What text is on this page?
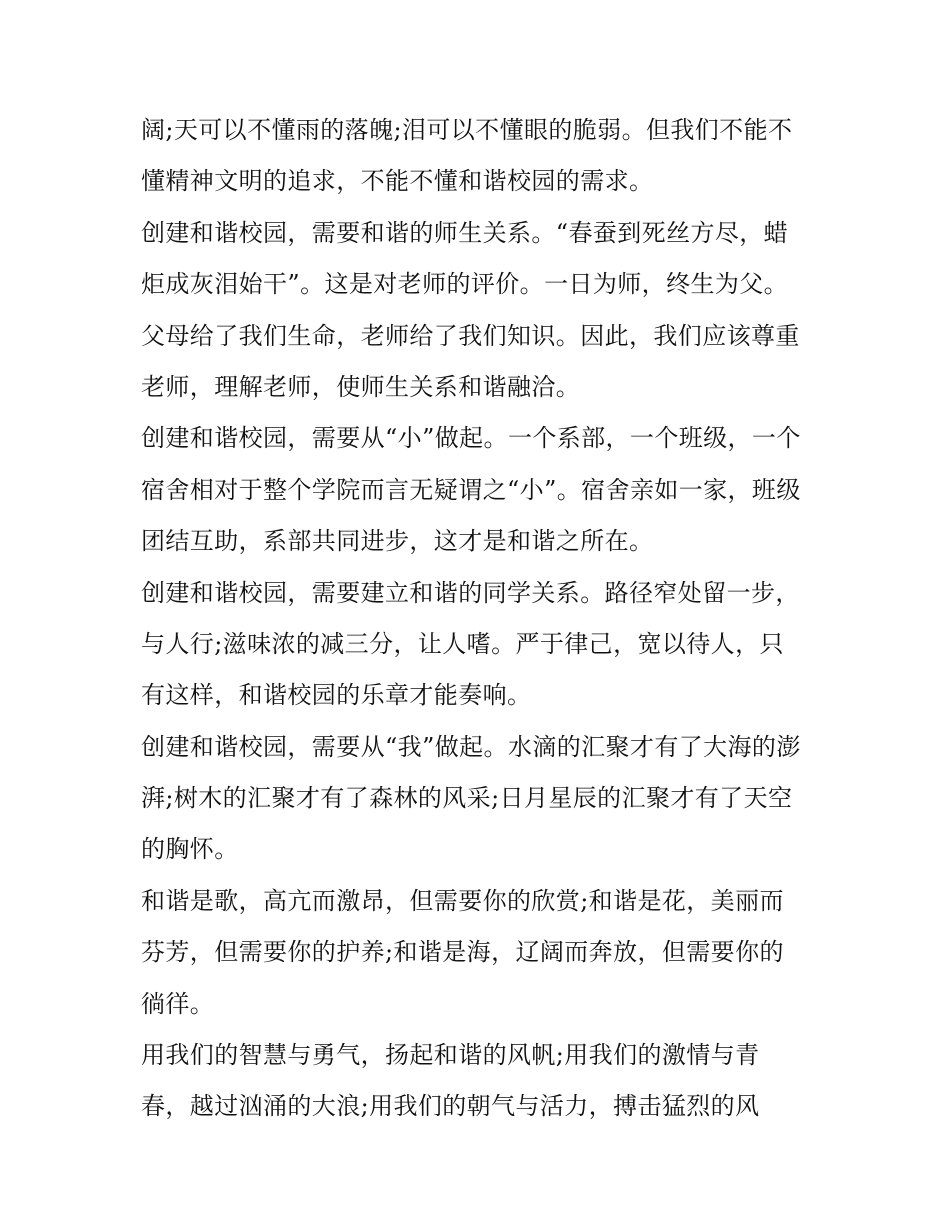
阔;天可以不懂雨的落魄;泪可以不懂眼的脆弱。但我们不能不
懂精神文明的追求，不能不懂和谐校园的需求。
创建和谐校园，需要和谐的师生关系。“春蚕到死丝方尽，蜡
炬成灰泪始干”。这是对老师的评价。一日为师，终生为父。
父母给了我们生命，老师给了我们知识。因此，我们应该尊重
老师，理解老师，使师生关系和谐融洽。
创建和谐校园，需要从“小”做起。一个系部，一个班级，一个
宿舍相对于整个学院而言无疑谓之“小”。宿舍亲如一家，班级
团结互助，系部共同进步，这才是和谐之所在。
创建和谐校园，需要建立和谐的同学关系。路径窄处留一步，
与人行;滋味浓的减三分，让人嗜。严于律己，宽以待人，只
有这样，和谐校园的乐章才能奏响。
创建和谐校园，需要从“我”做起。水滴的汇聚才有了大海的澎
湃;树木的汇聚才有了森林的风采;日月星辰的汇聚才有了天空
的胸怀。
和谐是歌，高亢而激昂，但需要你的欣赏;和谐是花，美丽而
芬芳，但需要你的护养;和谐是海，辽阔而奔放，但需要你的
徜徉。
用我们的智慧与勇气，扬起和谐的风帆;用我们的激情与青
春，越过汹涌的大浪;用我们的朝气与活力，搏击猛烈的风
